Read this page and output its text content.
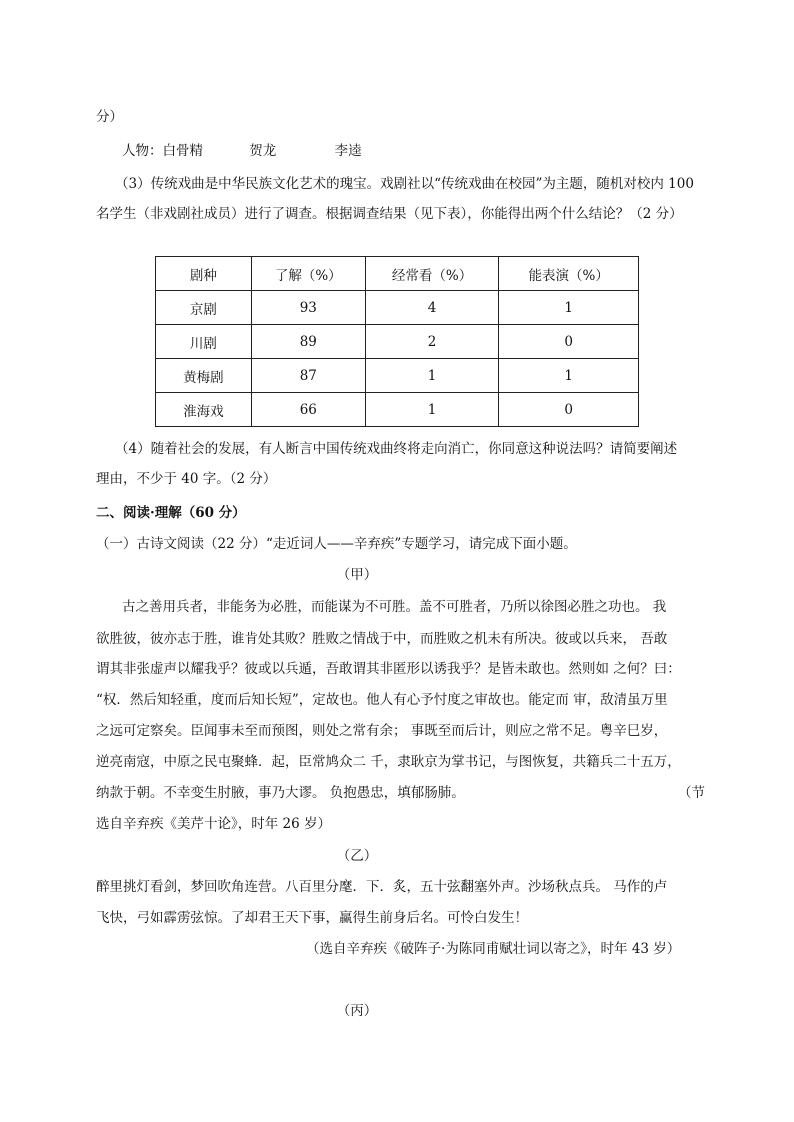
分）
人物：白骨精	贺龙	李逵
（3）传统戏曲是中华民族文化艺术的瑰宝。戏剧社以“传统戏曲在校园”为主题，随机对校内 100
名学生（非戏剧社成员）进行了调查。根据调查结果（见下表），你能得出两个什么结论？（2 分）
剧种	了解（%）	经常看（%）	能表演（%）
京剧	93	4	1
川剧	89	2	0
黄梅剧	87	1	1
淮海戏	66	1	0
（4）随着社会的发展，有人断言中国传统戏曲终将走向消亡，你同意这种说法吗？请简要阐述
理由，不少于 40 字。（2 分）
二、阅读·理解（60 分）
（一）古诗文阅读（22 分）“走近词人——辛弃疾”专题学习，请完成下面小题。
（甲）
古之善用兵者，非能务为必胜，而能谋为不可胜。盖不可胜者，乃所以徐图必胜之功也。 我
欲胜彼，彼亦志于胜，谁肯处其败？胜败之情战于中，而胜败之机未有所决。彼或以兵来， 吾敢
谓其非张虚声以耀我乎？彼或以兵遁，吾敢谓其非匿形以诱我乎？是皆未敢也。然则如 之何？曰：
“权．然后知轻重，度而后知长短”，定故也。他人有心予忖度之审故也。能定而 审，敌清虽万里
之远可定察矣。臣闻事未至而预图，则处之常有余； 事既至而后计，则应之常不足。粤辛巳岁，
逆亮南寇，中原之民屯聚蜂．起，臣常鸠众二 千，隶耿京为掌书记，与图恢复，共籍兵二十五万，
纳款于朝。不幸变生肘腋，事乃大谬。 负抱愚忠，填郁肠肺。	（节
选自辛弃疾《美芹十论》，时年 26 岁）
（乙）
醉里挑灯看剑，梦回吹角连营。八百里分麾．下．炙，五十弦翻塞外声。沙场秋点兵。 马作的卢
飞快，弓如霹雳弦惊。了却君王天下事，赢得生前身后名。可怜白发生！
（选自辛弃疾《破阵子·为陈同甫赋壮词以寄之》，时年 43 岁）
（丙）
